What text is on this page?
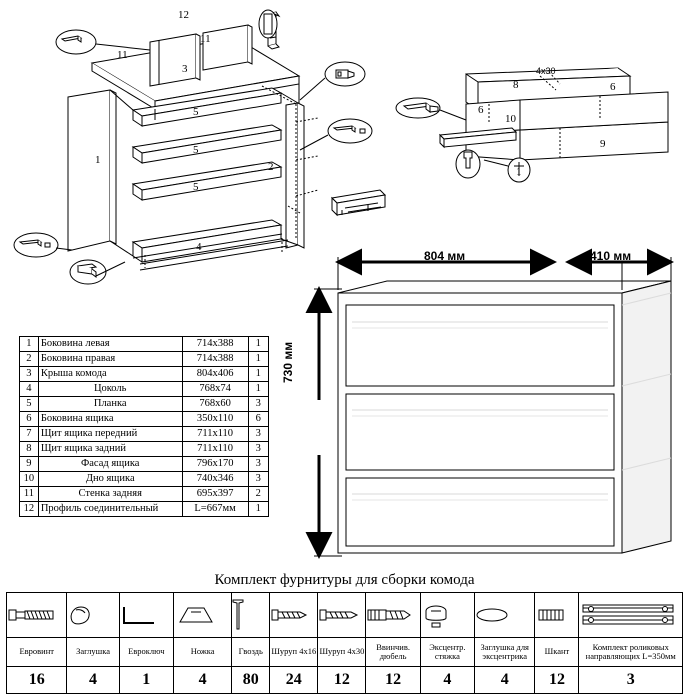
12
11
11
3
5
5
5
1
2
4
8
6
6
10
9
1
4х30
804 мм	410 мм
730 мм
1	Боковина левая	714x388	1
2	Боковина правая	714x388	1
3	Крыша комода	804x406	1
4	Цоколь	768x74	1
5	Планка	768x60	3
6	Боковина ящика	350x110	6
7	Щит ящика передний	711x110	3
8	Щит ящика задний	711x110	3
9	Фасад ящика	796x170	3
10	Дно ящика	740x346	3
11	Стенка задняя	695x397	2
12	Профиль соединительный	L=667мм	1
Комплект фурнитуры для сборки комода

Евровинт	Заглушка	Евроключ	Ножка	Гвоздь	Шуруп 4х16	Шуруп 4х30	Ввинчив. дюбель	Эксцентр. стяжка	Заглушка для эксцентрика	Шкант	Комплект роликовых направляющих L=350мм
16	4	1	4	80	24	12	12	4	4	12	3
